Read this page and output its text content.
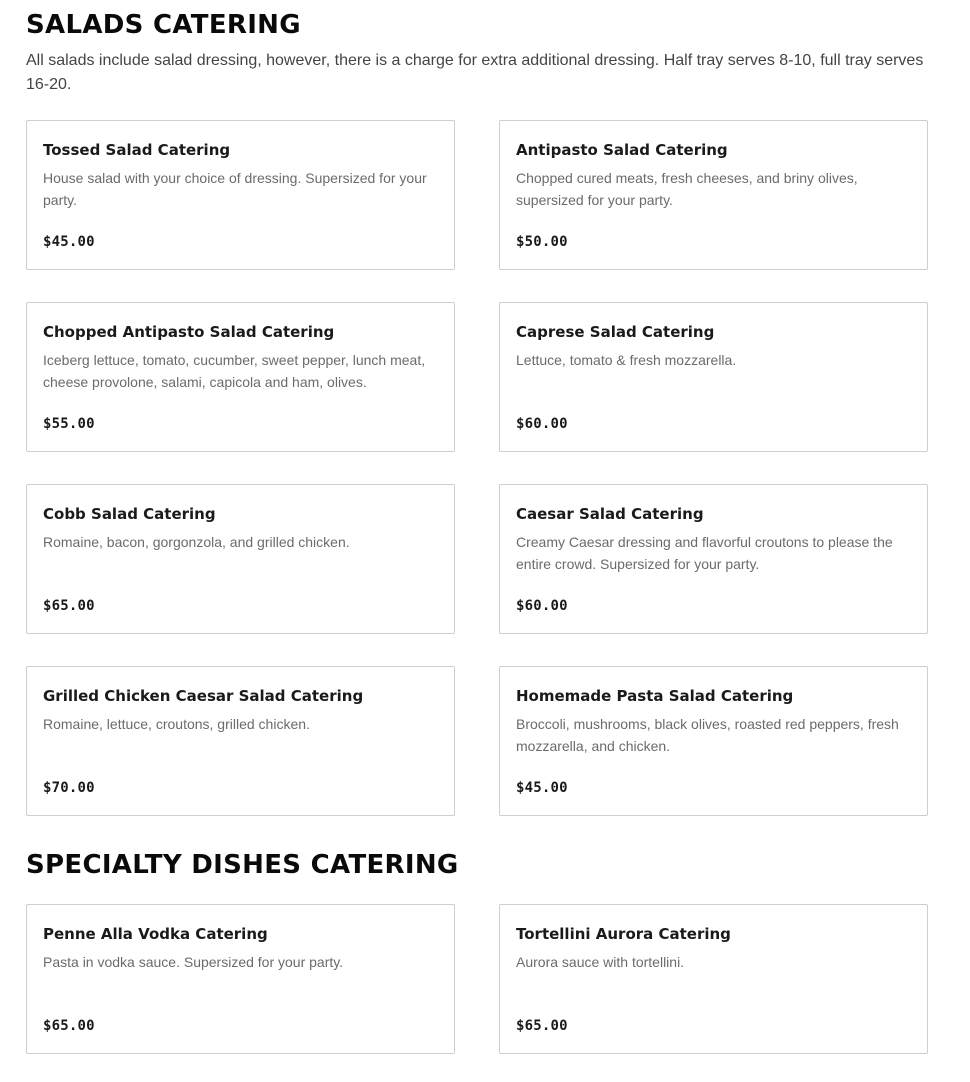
SALADS CATERING

All salads include salad dressing, however, there is a charge for extra additional dressing. Half tray serves 8-10, full tray serves 16-20.

Tossed Salad Catering
House salad with your choice of dressing. Supersized for your party.
$45.00
Antipasto Salad Catering
Chopped cured meats, fresh cheeses, and briny olives, supersized for your party.
$50.00
Chopped Antipasto Salad Catering
Iceberg lettuce, tomato, cucumber, sweet pepper, lunch meat, cheese provolone, salami, capicola and ham, olives.
$55.00
Caprese Salad Catering
Lettuce, tomato & fresh mozzarella.
$60.00
Cobb Salad Catering
Romaine, bacon, gorgonzola, and grilled chicken.
$65.00
Caesar Salad Catering
Creamy Caesar dressing and flavorful croutons to please the entire crowd. Supersized for your party.
$60.00
Grilled Chicken Caesar Salad Catering
Romaine, lettuce, croutons, grilled chicken.
$70.00
Homemade Pasta Salad Catering
Broccoli, mushrooms, black olives, roasted red peppers, fresh mozzarella, and chicken.
$45.00
SPECIALTY DISHES CATERING
Penne Alla Vodka Catering
Pasta in vodka sauce. Supersized for your party.
$65.00
Tortellini Aurora Catering
Aurora sauce with tortellini.
$65.00
